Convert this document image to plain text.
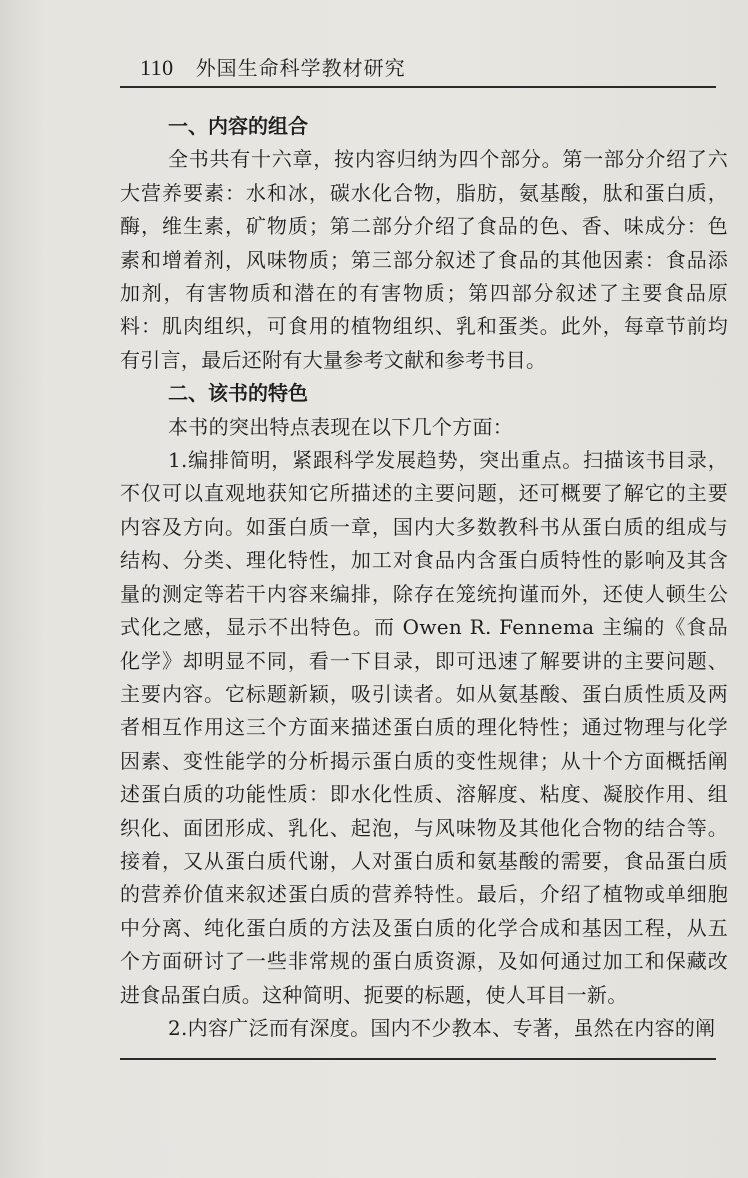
110 外国生命科学教材研究
一、内容的组合

全书共有十六章，按内容归纳为四个部分。第一部分介绍了六大营养要素：水和冰，碳水化合物，脂肪，氨基酸，肽和蛋白质，酶，维生素，矿物质；第二部分介绍了食品的色、香、味成分：色素和增着剂，风味物质；第三部分叙述了食品的其他因素：食品添加剂，有害物质和潜在的有害物质；第四部分叙述了主要食品原料：肌肉组织，可食用的植物组织、乳和蛋类。此外，每章节前均有引言，最后还附有大量参考文献和参考书目。

二、该书的特色

本书的突出特点表现在以下几个方面：

1.编排简明，紧跟科学发展趋势，突出重点。扫描该书目录，不仅可以直观地获知它所描述的主要问题，还可概要了解它的主要内容及方向。如蛋白质一章，国内大多数教科书从蛋白质的组成与结构、分类、理化特性，加工对食品内含蛋白质特性的影响及其含量的测定等若干内容来编排，除存在笼统拘谨而外，还使人顿生公式化之感，显示不出特色。而 Owen R. Fennema 主编的《食品化学》却明显不同，看一下目录，即可迅速了解要讲的主要问题、主要内容。它标题新颖，吸引读者。如从氨基酸、蛋白质性质及两者相互作用这三个方面来描述蛋白质的理化特性；通过物理与化学因素、变性能学的分析揭示蛋白质的变性规律；从十个方面概括阐述蛋白质的功能性质：即水化性质、溶解度、粘度、凝胶作用、组织化、面团形成、乳化、起泡，与风味物及其他化合物的结合等。接着，又从蛋白质代谢，人对蛋白质和氨基酸的需要，食品蛋白质的营养价值来叙述蛋白质的营养特性。最后，介绍了植物或单细胞中分离、纯化蛋白质的方法及蛋白质的化学合成和基因工程，从五个方面研讨了一些非常规的蛋白质资源，及如何通过加工和保藏改进食品蛋白质。这种简明、扼要的标题，使人耳目一新。

2.内容广泛而有深度。国内不少教本、专著，虽然在内容的阐
